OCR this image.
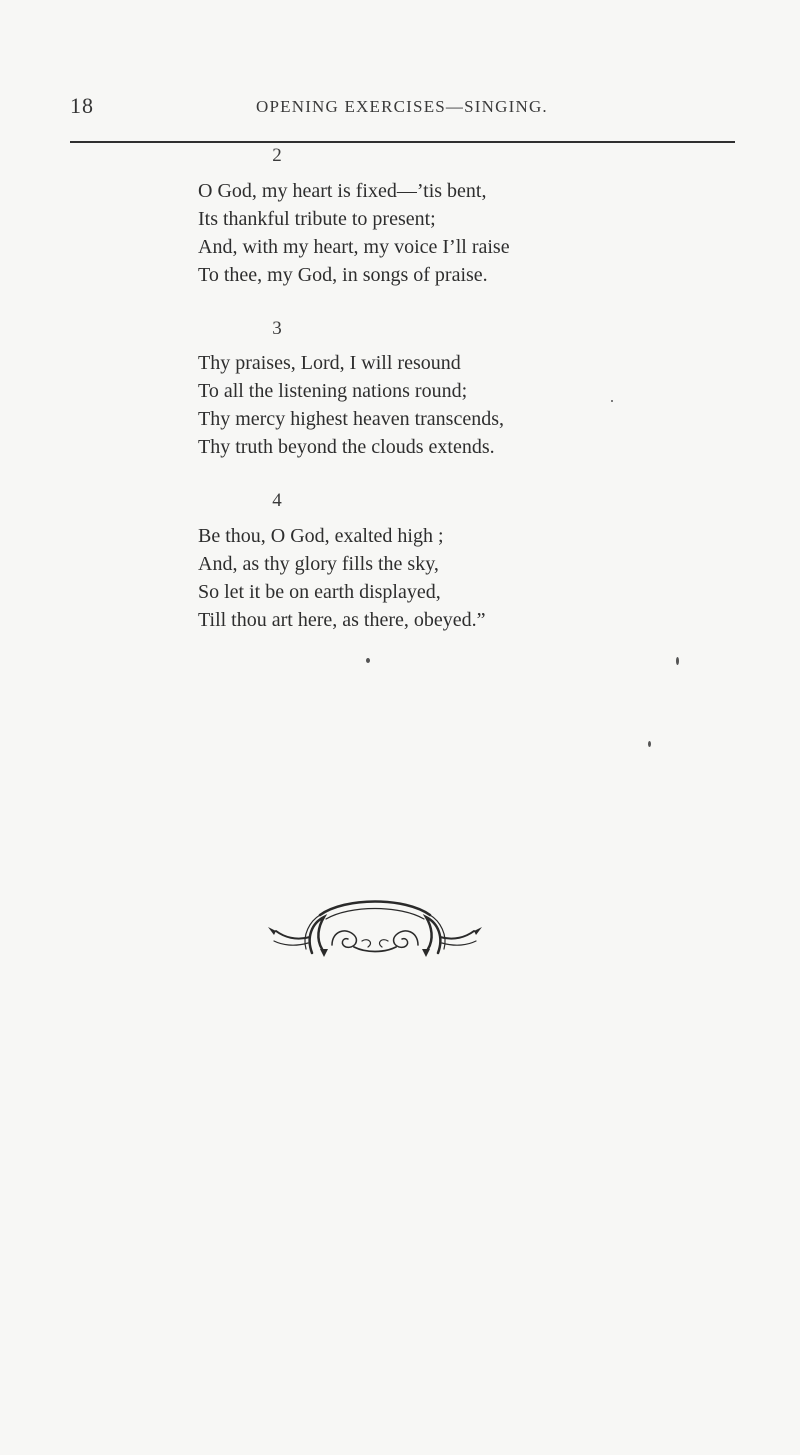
18	OPENING EXERCISES—SINGING.
2
O God, my heart is fixed—’tis bent,
Its thankful tribute to present;
And, with my heart, my voice I’ll raise
To thee, my God, in songs of praise.
3
Thy praises, Lord, I will resound
To all the listening nations round;
Thy mercy highest heaven transcends,
Thy truth beyond the clouds extends.
4
Be thou, O God, exalted high ;
And, as thy glory fills the sky,
So let it be on earth displayed,
Till thou art here, as there, obeyed.”
